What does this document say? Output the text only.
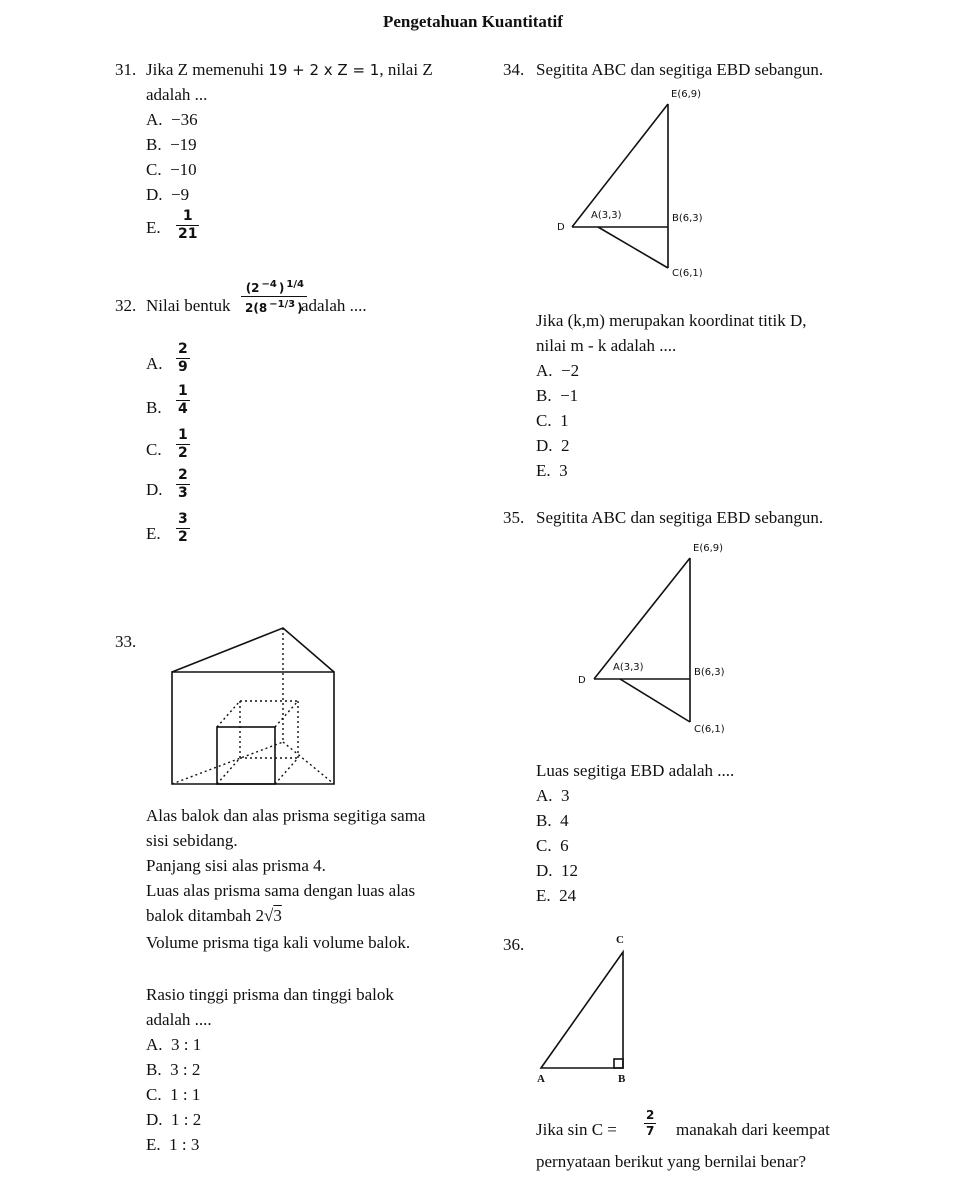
Pengetahuan Kuantitatif
31. Jika Z memenuhi 19 + 2 x Z = 1, nilai Z
adalah ...
A. −36
B. −19
C. −10
D. −9
E.
1
21
32. Nilai bentuk
(2 $^{-4}$ ) $^{1/4}$
2(8 $^{-1/3}$ )
adalah ....
A.
2
9
B.
1
4
C.
1
2
D.
2
3
E.
3
2
33.
Alas balok dan alas prisma segitiga sama
sisi sebidang.
Panjang sisi alas prisma 4.
Luas alas prisma sama dengan luas alas
balok ditambah 2√3
Volume prisma tiga kali volume balok.
Rasio tinggi prisma dan tinggi balok
adalah ....
A. 3 : 1
B. 3 : 2
C. 1 : 1
D. 1 : 2
E. 1 : 3
34. Segitita ABC dan segitiga EBD sebangun.
E(6,9)
A(3,3)	B(6,3)
C(6,1)
D
Jika (k,m) merupakan koordinat titik D,
nilai m - k adalah ....
A. −2
B. −1
C. 1
D. 2
E. 3
35. Segitita ABC dan segitiga EBD sebangun.
E(6,9)
A(3,3)	B(6,3)
C(6,1)
D
Luas segitiga EBD adalah ....
A. 3
B. 4
C. 6
D. 12
E. 24
36.	C
A	B
Jika sin C =
2
7 manakah dari keempat
pernyataan berikut yang bernilai benar?
